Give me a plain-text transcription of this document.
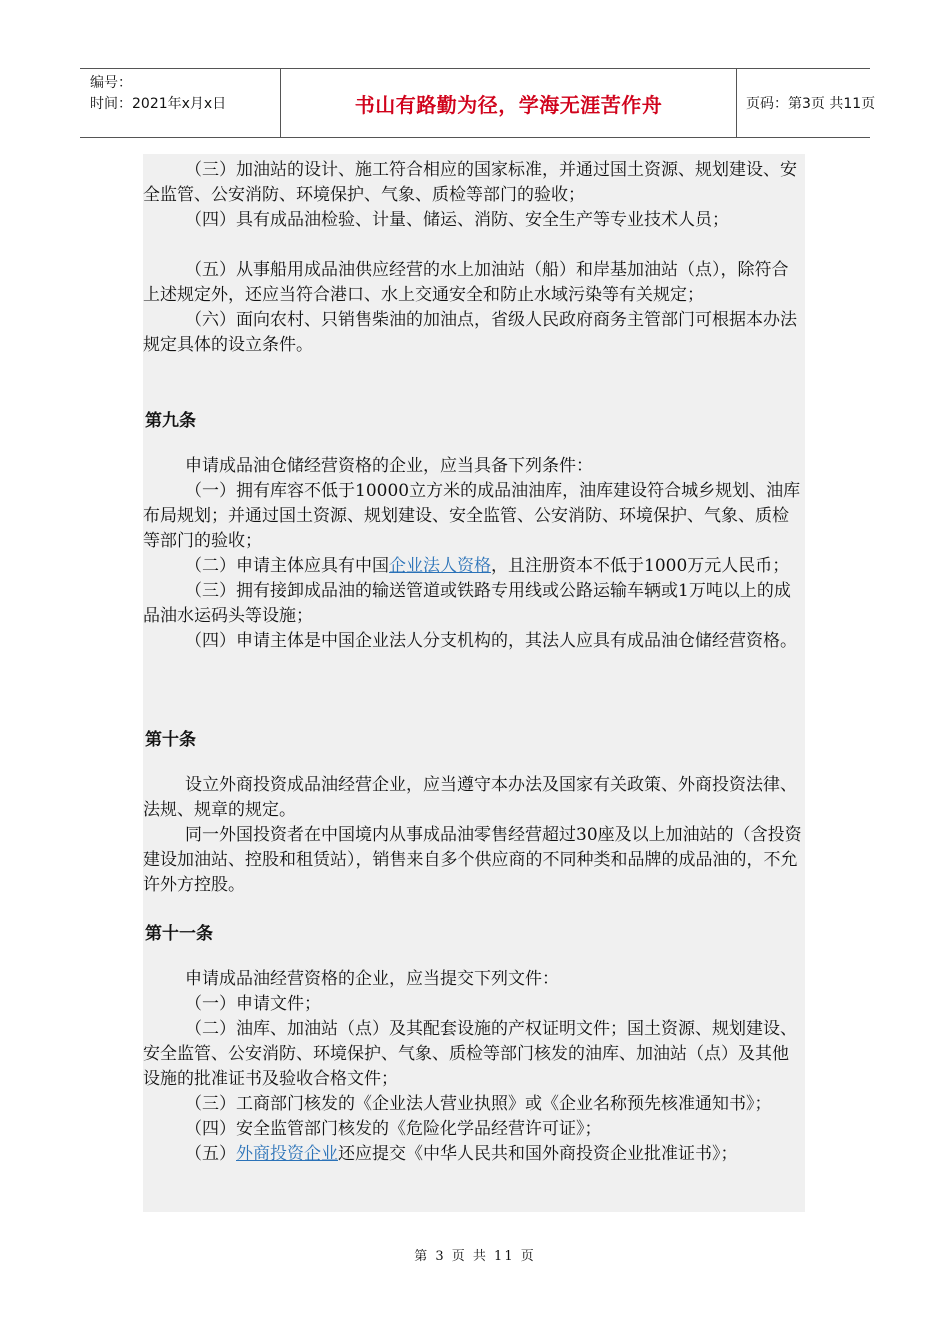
编号：
时间：2021年x月x日	书山有路勤为径，学海无涯苦作舟	页码：第3页 共11页

（三）加油站的设计、施工符合相应的国家标准，并通过国土资源、规划建设、安全监管、公安消防、环境保护、气象、质检等部门的验收；

（四）具有成品油检验、计量、储运、消防、安全生产等专业技术人员；

（五）从事船用成品油供应经营的水上加油站（船）和岸基加油站（点），除符合上述规定外，还应当符合港口、水上交通安全和防止水域污染等有关规定；

（六）面向农村、只销售柴油的加油点，省级人民政府商务主管部门可根据本办法规定具体的设立条件。

第九条

申请成品油仓储经营资格的企业，应当具备下列条件：

（一）拥有库容不低于10000立方米的成品油油库，油库建设符合城乡规划、油库布局规划；并通过国土资源、规划建设、安全监管、公安消防、环境保护、气象、质检等部门的验收；

（二）申请主体应具有中国企业法人资格，且注册资本不低于1000万元人民币；

（三）拥有接卸成品油的输送管道或铁路专用线或公路运输车辆或1万吨以上的成品油水运码头等设施；

（四）申请主体是中国企业法人分支机构的，其法人应具有成品油仓储经营资格。

第十条

设立外商投资成品油经营企业，应当遵守本办法及国家有关政策、外商投资法律、法规、规章的规定。

同一外国投资者在中国境内从事成品油零售经营超过30座及以上加油站的（含投资建设加油站、控股和租赁站），销售来自多个供应商的不同种类和品牌的成品油的，不允许外方控股。

第十一条

申请成品油经营资格的企业，应当提交下列文件：

（一）申请文件；

（二）油库、加油站（点）及其配套设施的产权证明文件；国土资源、规划建设、安全监管、公安消防、环境保护、气象、质检等部门核发的油库、加油站（点）及其他设施的批准证书及验收合格文件；

（三）工商部门核发的《企业法人营业执照》或《企业名称预先核准通知书》；

（四）安全监管部门核发的《危险化学品经营许可证》；

（五）外商投资企业还应提交《中华人民共和国外商投资企业批准证书》；

第 3 页 共 11 页
